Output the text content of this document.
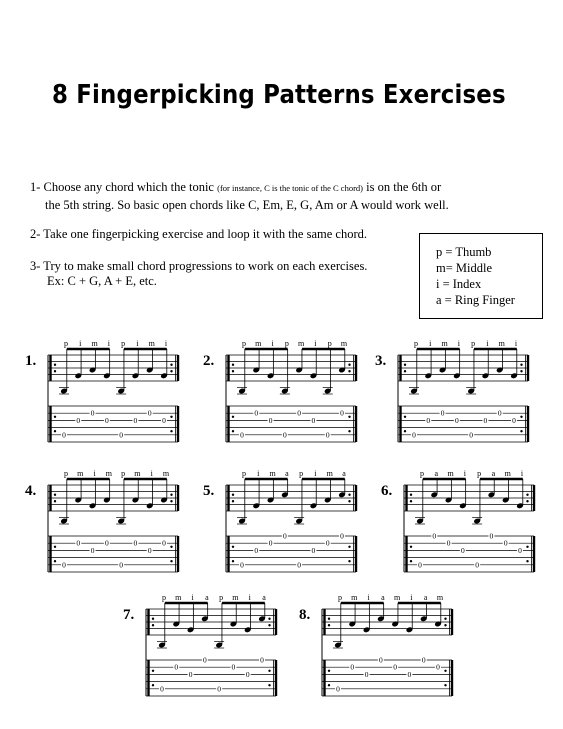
8 Fingerpicking Patterns Exercises
1- Choose any chord which the tonic (for instance, C is the tonic of the C chord) is on the 6th or
the 5th string. So basic open chords like C, Em, E, G, Am or A would work well.
2- Take one fingerpicking exercise and loop it with the same chord.
3- Try to make small chord progressions to work on each exercises.
Ex: C + G, A + E, etc.
p = Thumb
m= Middle
i = Index
a = Ring Finger
1.
p
0
i
0
m
0
i
0
p
0
i
0
m
0
i
0
2.
p
0
m
0
i
0
p
0
m
0
i
0
p
0
m
0
3.
p
0
i
0
m
0
i
0
p
0
i
0
m
0
i
0
4.
p
0
m
0
i
0
m
0
p
0
m
0
i
0
m
0
5.
p
0
i
0
m
0
a
0
p
0
i
0
m
0
a
0
6.
p
0
a
0
m
0
i
0
p
0
a
0
m
0
i
0
7.
p
0
m
0
i
0
a
0
p
0
m
0
i
0
a
0
8.
p
0
m
0
i
0
a
0
m
0
i
0
a
0
m
0
